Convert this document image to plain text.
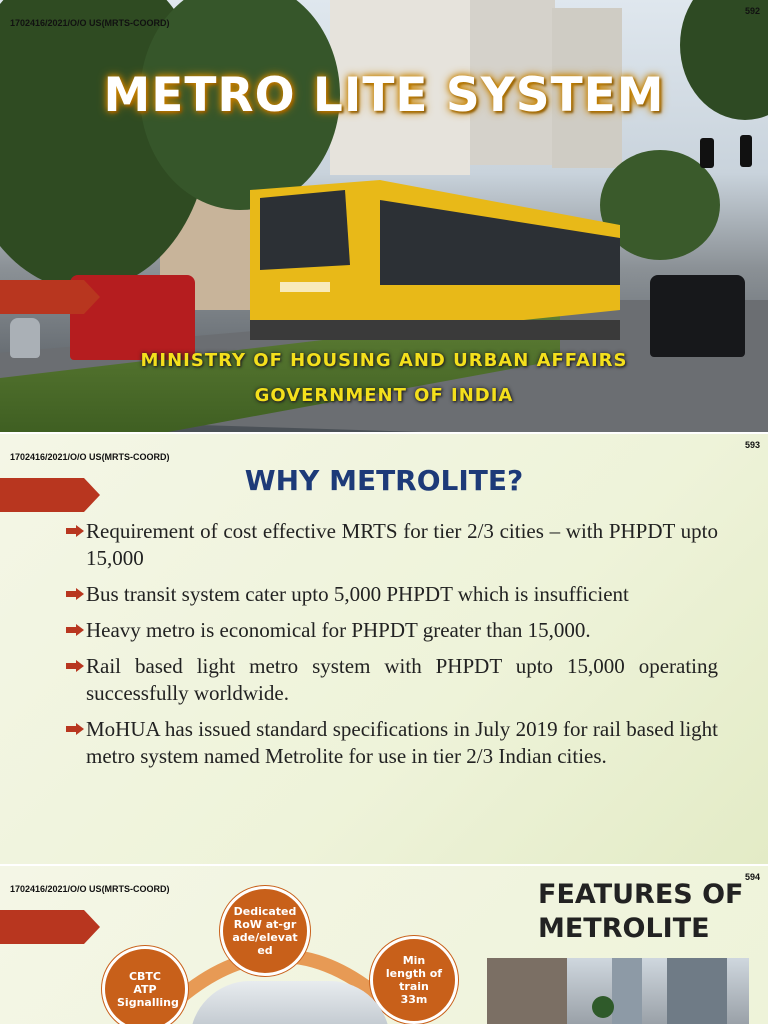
1702416/2021/O/O US(MRTS-COORD)
592
METRO LITE SYSTEM
MINISTRY OF HOUSING AND URBAN AFFAIRS
GOVERNMENT OF INDIA
1702416/2021/O/O US(MRTS-COORD)
593
WHY METROLITE?
Requirement of cost effective MRTS for tier 2/3 cities – with PHPDT upto 15,000
Bus transit system cater upto 5,000 PHPDT which is insufficient
Heavy metro is economical for PHPDT greater than 15,000.
Rail based light metro system with PHPDT upto 15,000 operating successfully worldwide.
MoHUA has issued standard specifications in July 2019 for rail based light metro system named Metrolite for use in tier 2/3 Indian cities.
1702416/2021/O/O US(MRTS-COORD)
594
Dedicated RoW at-grade/elevated
CBTC ATP Signalling
Min length of train 33m
FEATURES OF
METROLITE
